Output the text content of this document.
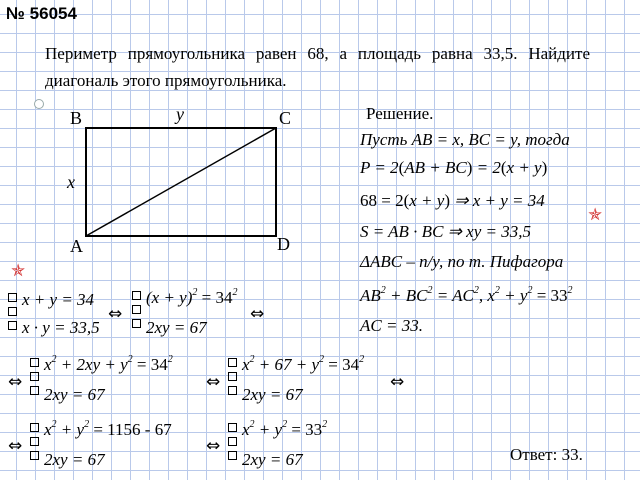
№ 56054
Периметр прямоугольника равен 68, а площадь равна 33,5. Найдите диагональ этого прямоугольника.
B	C
A	D
y
x
Решение.
Пусть AB = x, BC = y, тогда
P = 2(AB + BC) = 2(x + y)
68 = 2(x + y) ⇒ x + y = 34
✯
S = AB · BC ⇒ xy = 33,5
ΔABC – п/у, по т. Пифагора
$AB^2 + BC^2 = AC^2$, $x^2 + y^2 = 33^2$
AC = 33.
✯
x + y = 34
x · y = 33,5
⇔
$(x + y)^2 = 34^2$
2xy = 67
⇔
⇔
$x^2 + 2xy + y^2 = 34^2$
2xy = 67
⇔
$x^2 + 67 + y^2 = 34^2$
2xy = 67
⇔
⇔
$x^2 + y^2 = 1156 - 67$
2xy = 67
⇔
$x^2 + y^2 = 33^2$
2xy = 67	Ответ: 33.
